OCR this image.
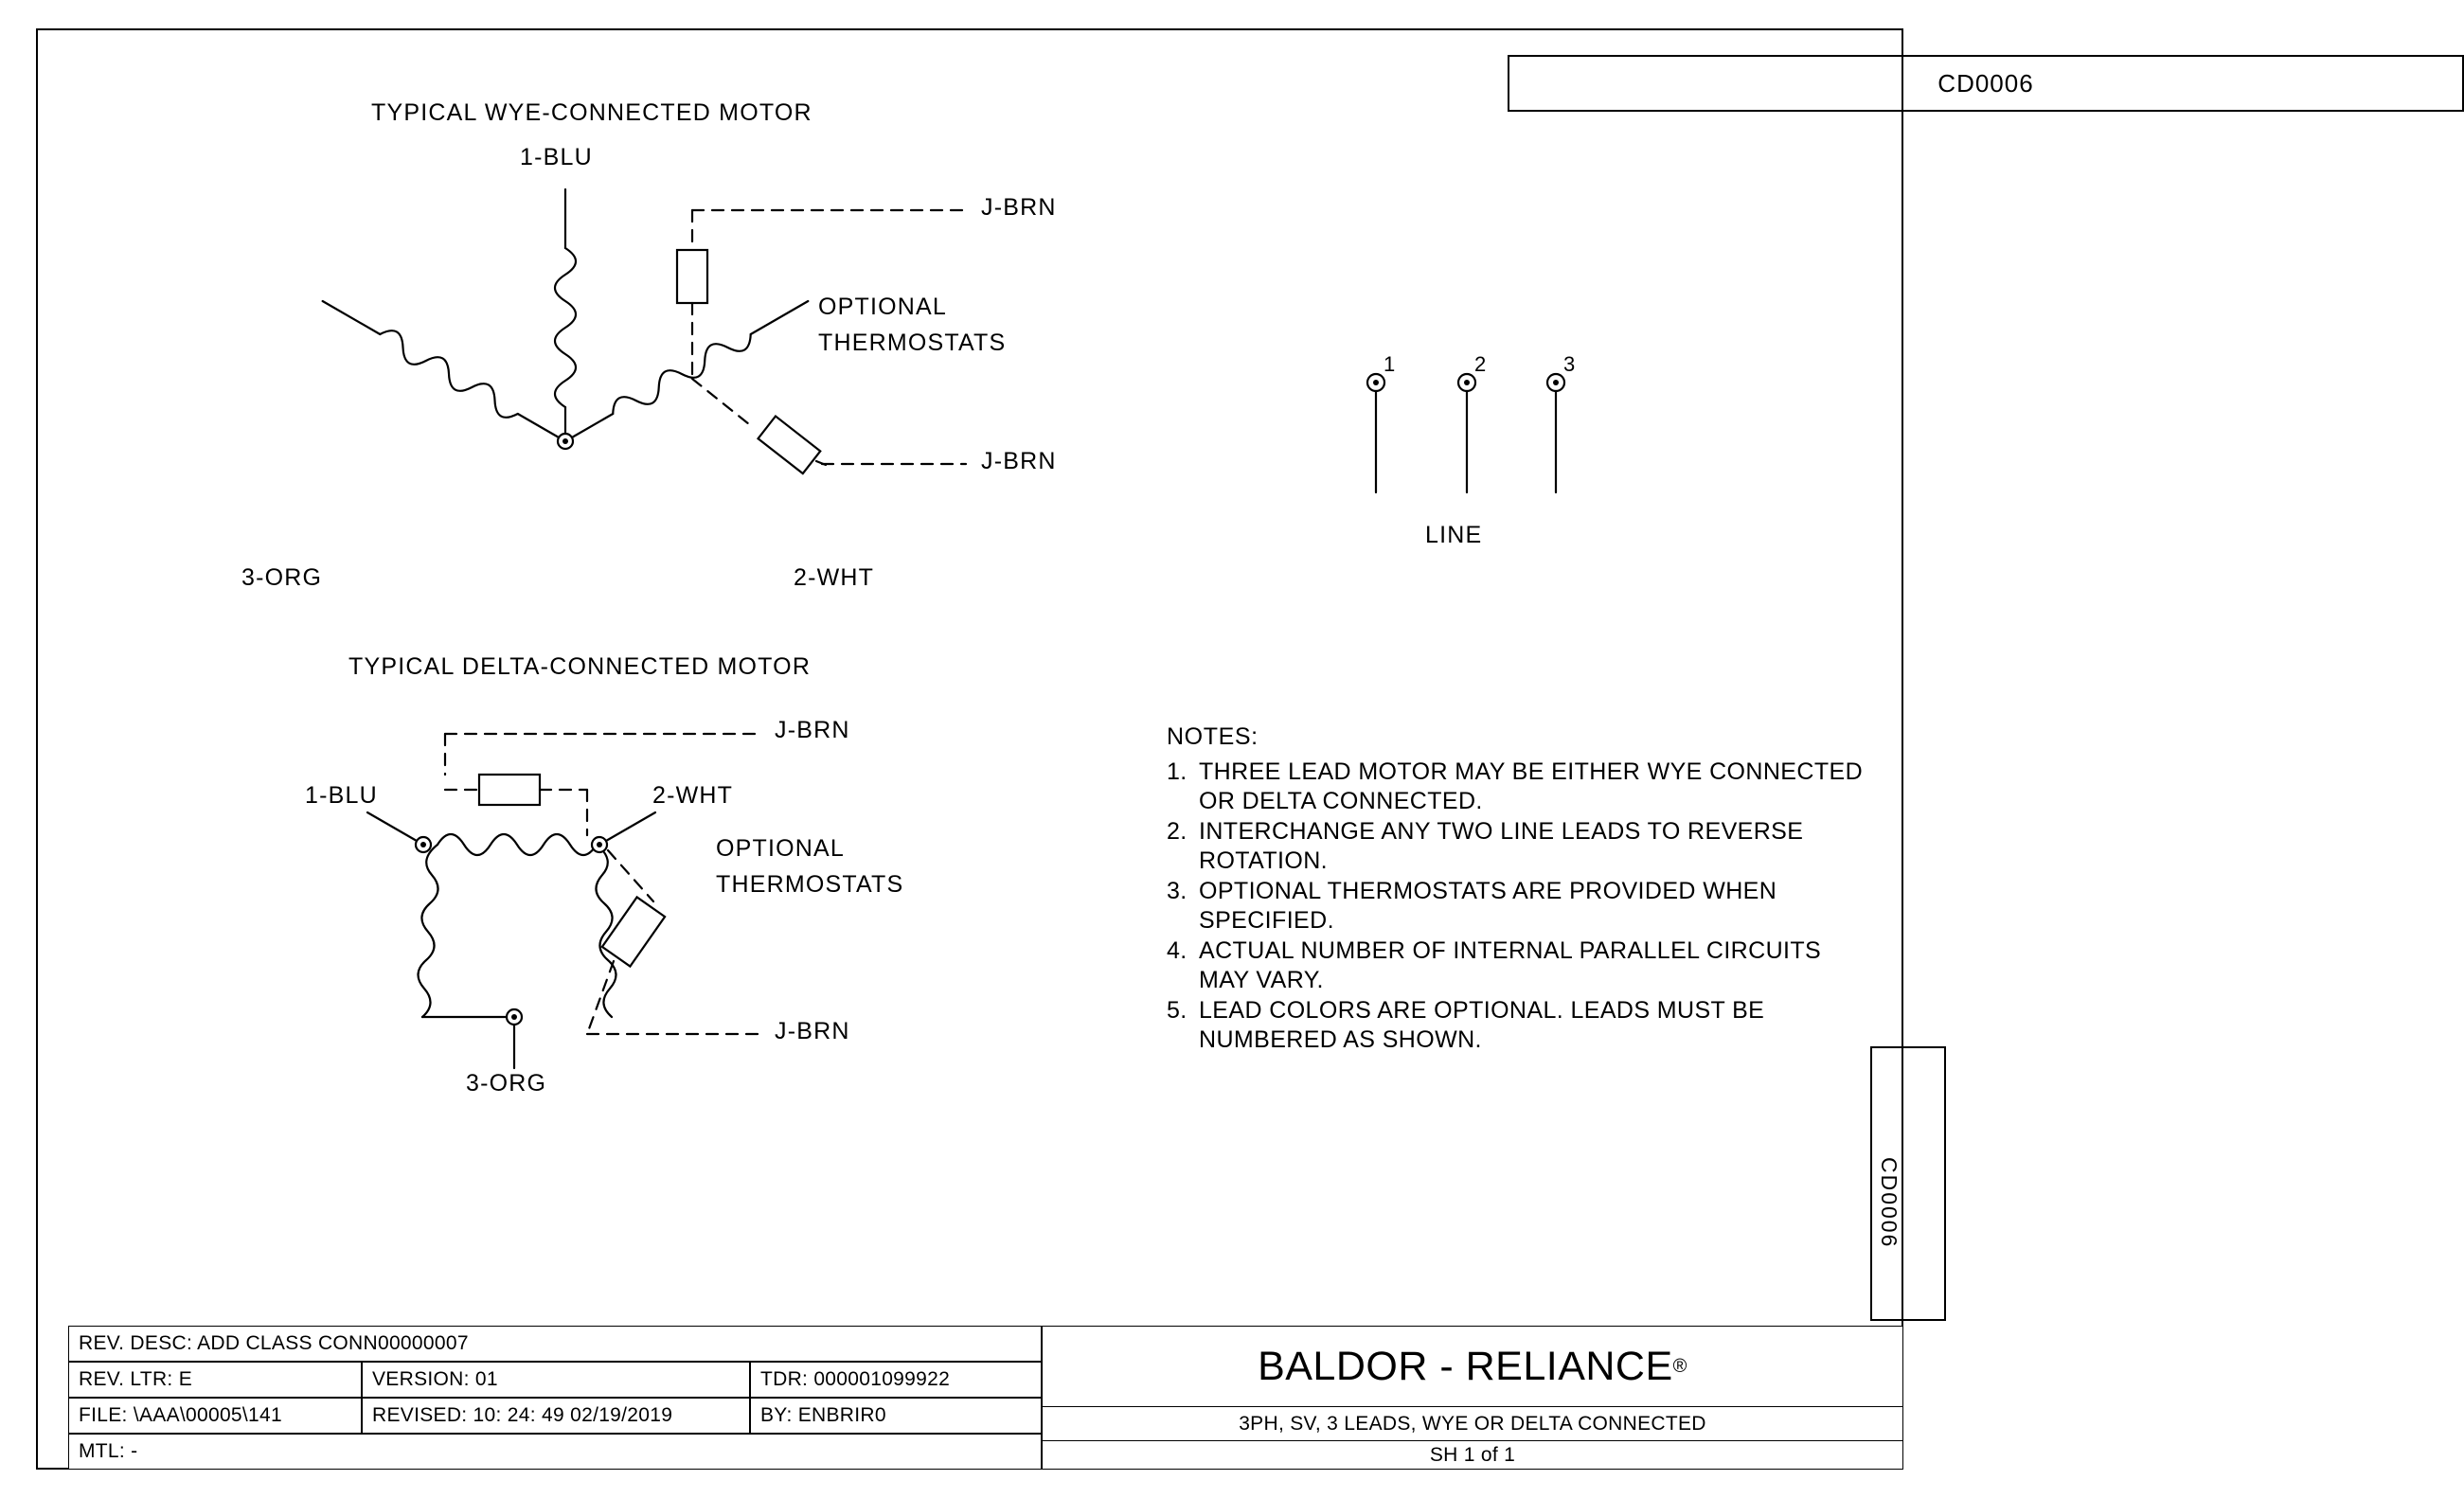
TYPICAL WYE-CONNECTED MOTOR
1-BLU
3-ORG	2-WHT
J-BRN
J-BRN
OPTIONAL
THERMOSTATS
1	2	3
LINE
TYPICAL DELTA-CONNECTED MOTOR
1-BLU	2-WHT
3-ORG
J-BRN
J-BRN
OPTIONAL
THERMOSTATS
NOTES:
1. THREE LEAD MOTOR MAY BE EITHER WYE CONNECTED OR DELTA CONNECTED.
2. INTERCHANGE ANY TWO LINE LEADS TO REVERSE ROTATION.
3. OPTIONAL THERMOSTATS ARE PROVIDED WHEN SPECIFIED.
4. ACTUAL NUMBER OF INTERNAL PARALLEL CIRCUITS MAY VARY.
5. LEAD COLORS ARE OPTIONAL. LEADS MUST BE NUMBERED AS SHOWN.
CD0006
CD0006
REV. DESC: ADD CLASS CONN00000007
REV. LTR: E	VERSION: 01	TDR: 000001099922
FILE: \AAA\00005\141	REVISED: 10: 24: 49 02/19/2019	BY: ENBRIR0
MTL: -
BALDOR - RELIANCE ®
3PH, SV, 3 LEADS, WYE OR DELTA CONNECTED
SH 1 of 1
